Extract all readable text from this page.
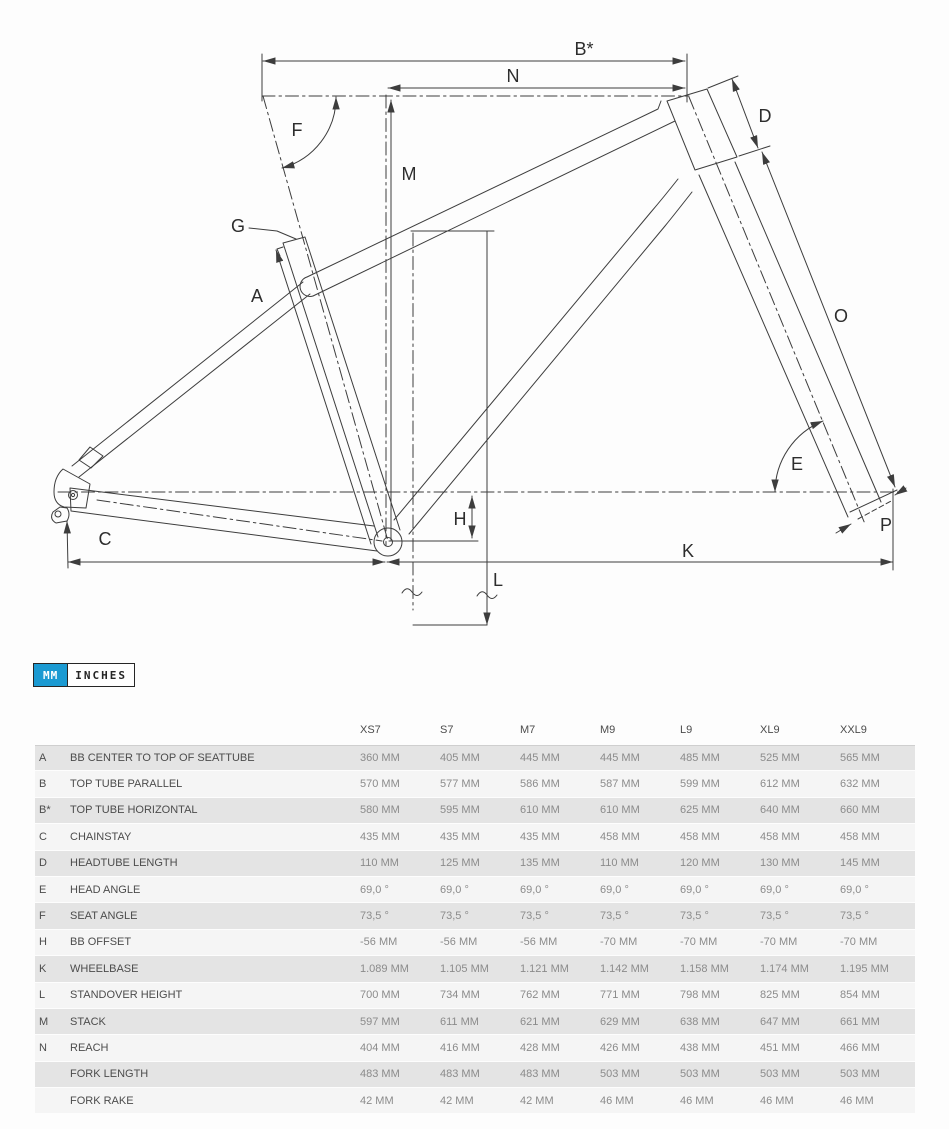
B*
N
F
M
G
A
D
O
E
H
C
K
L
P
MM	INCHES
XS7	S7	M7	M9	L9	XL9	XXL9
A	BB CENTER TO TOP OF SEATTUBE	360 MM	405 MM	445 MM	445 MM	485 MM	525 MM	565 MM
B	TOP TUBE PARALLEL	570 MM	577 MM	586 MM	587 MM	599 MM	612 MM	632 MM
B*	TOP TUBE HORIZONTAL	580 MM	595 MM	610 MM	610 MM	625 MM	640 MM	660 MM
C	CHAINSTAY	435 MM	435 MM	435 MM	458 MM	458 MM	458 MM	458 MM
D	HEADTUBE LENGTH	110 MM	125 MM	135 MM	110 MM	120 MM	130 MM	145 MM
E	HEAD ANGLE	69,0 °	69,0 °	69,0 °	69,0 °	69,0 °	69,0 °	69,0 °
F	SEAT ANGLE	73,5 °	73,5 °	73,5 °	73,5 °	73,5 °	73,5 °	73,5 °
H	BB OFFSET	-56 MM	-56 MM	-56 MM	-70 MM	-70 MM	-70 MM	-70 MM
K	WHEELBASE	1.089 MM	1.105 MM	1.121 MM	1.142 MM	1.158 MM	1.174 MM	1.195 MM
L	STANDOVER HEIGHT	700 MM	734 MM	762 MM	771 MM	798 MM	825 MM	854 MM
M	STACK	597 MM	611 MM	621 MM	629 MM	638 MM	647 MM	661 MM
N	REACH	404 MM	416 MM	428 MM	426 MM	438 MM	451 MM	466 MM
FORK LENGTH	483 MM	483 MM	483 MM	503 MM	503 MM	503 MM	503 MM
FORK RAKE	42 MM	42 MM	42 MM	46 MM	46 MM	46 MM	46 MM
